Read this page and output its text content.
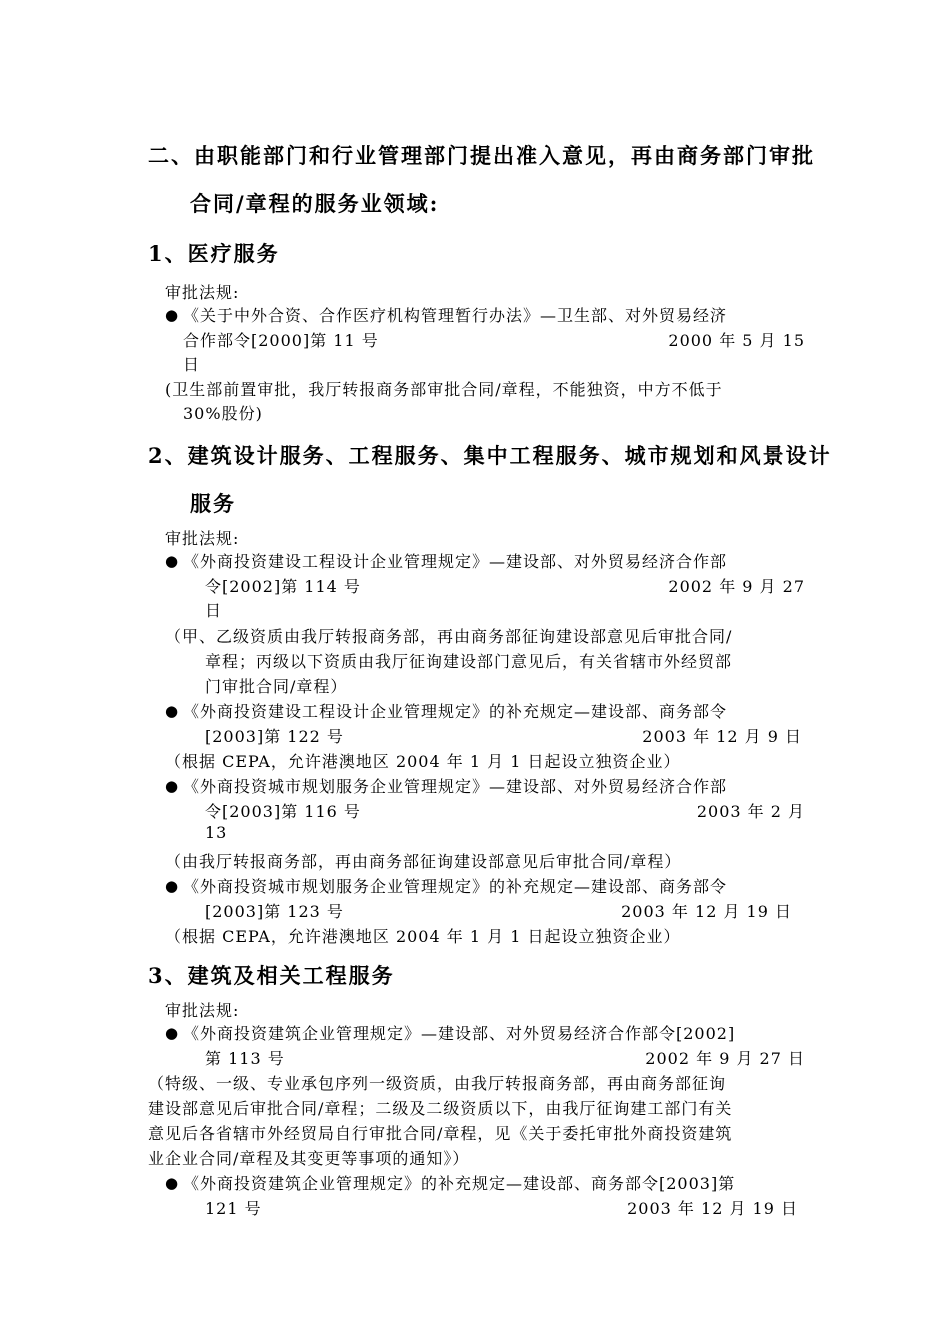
二、由职能部门和行业管理部门提出准入意见，再由商务部门审批
合同/章程的服务业领域:
1、医疗服务
审批法规:
● 《关于中外合资、合作医疗机构管理暂行办法》—卫生部、对外贸易经济
合作部令[2000]第 11 号	2000 年 5 月 15
日
(卫生部前置审批，我厅转报商务部审批合同/章程，不能独资，中方不低于
30%股份)
2、建筑设计服务、工程服务、集中工程服务、城市规划和风景设计
服务
审批法规:
● 《外商投资建设工程设计企业管理规定》—建设部、对外贸易经济合作部
令[2002]第 114 号	2002 年 9 月 27
日
（甲、乙级资质由我厅转报商务部，再由商务部征询建设部意见后审批合同/
章程；丙级以下资质由我厅征询建设部门意见后，有关省辖市外经贸部
门审批合同/章程）
● 《外商投资建设工程设计企业管理规定》的补充规定—建设部、商务部令
[2003]第 122 号	2003 年 12 月 9 日
（根据 CEPA，允许港澳地区 2004 年 1 月 1 日起设立独资企业）
● 《外商投资城市规划服务企业管理规定》—建设部、对外贸易经济合作部
令[2003]第 116 号	2003 年 2 月
13
（由我厅转报商务部，再由商务部征询建设部意见后审批合同/章程）
● 《外商投资城市规划服务企业管理规定》的补充规定—建设部、商务部令
[2003]第 123 号	2003 年 12 月 19 日
（根据 CEPA，允许港澳地区 2004 年 1 月 1 日起设立独资企业）
3、建筑及相关工程服务
审批法规:
● 《外商投资建筑企业管理规定》—建设部、对外贸易经济合作部令[2002]
第 113 号	2002 年 9 月 27 日
（特级、一级、专业承包序列一级资质，由我厅转报商务部，再由商务部征询
建设部意见后审批合同/章程；二级及二级资质以下，由我厅征询建工部门有关
意见后各省辖市外经贸局自行审批合同/章程，见《关于委托审批外商投资建筑
业企业合同/章程及其变更等事项的通知》）
● 《外商投资建筑企业管理规定》的补充规定—建设部、商务部令[2003]第
121 号	2003 年 12 月 19 日
